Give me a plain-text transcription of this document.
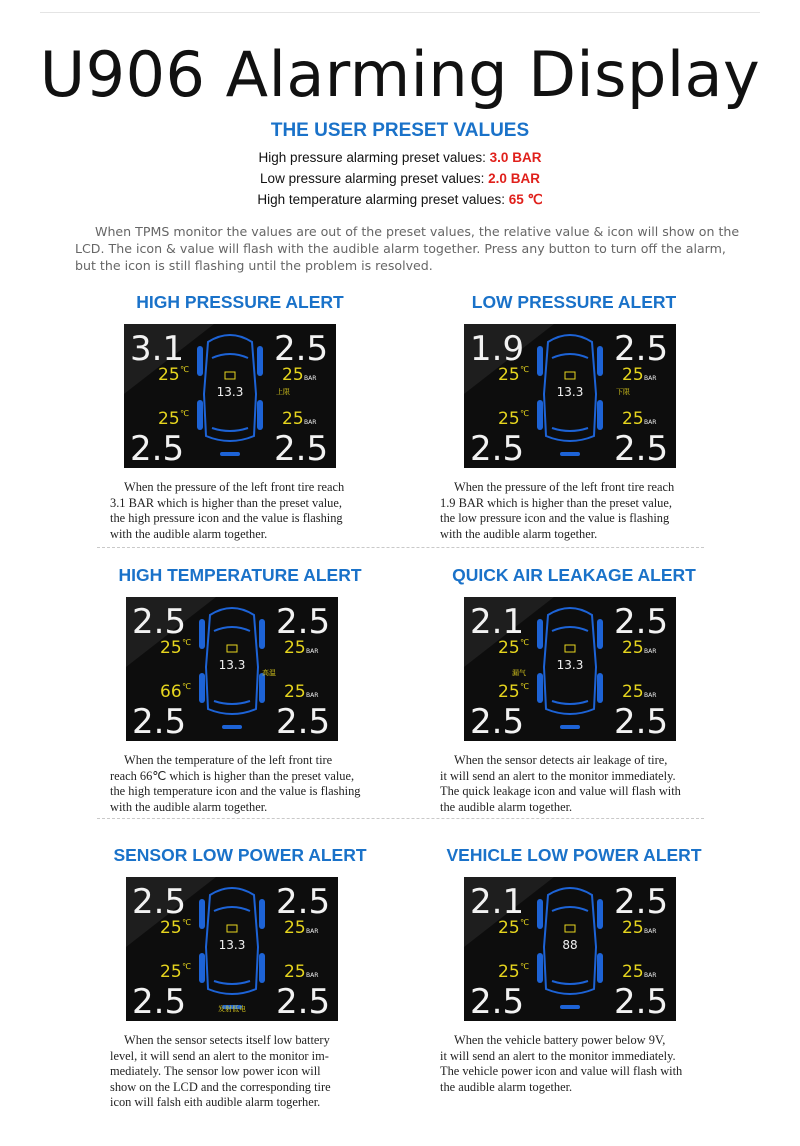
U906 Alarming Display
THE USER PRESET VALUES
High pressure alarming preset values: 3.0 BAR
Low pressure alarming preset values: 2.0 BAR
High temperature alarming preset values: 65 ℃

When TPMS monitor the values are out of the preset values, the relative value & icon will show on the LCD. The icon & value will flash with the audible alarm together. Press any button to turn off the alarm, but the icon is still flashing until the problem is resolved.

HIGH PRESSURE ALERT
3.1	2.5
2.5	2.5
25 ℃	25 BAR
25 ℃	25 BAR
13.3	上限
When the pressure of the left front tire reach
3.1 BAR which is higher than the preset value,
the high pressure icon and the value is flashing
with the audible alarm together.
LOW PRESSURE ALERT
1.9	2.5
2.5	2.5
25 ℃	25 BAR
25 ℃	25 BAR
13.3	下限
When the pressure of the left front tire reach
1.9 BAR which is higher than the preset value,
the low pressure icon and the value is flashing
with the audible alarm together.
HIGH TEMPERATURE ALERT
2.5	2.5
2.5	2.5
25 ℃	25 BAR
66 ℃	25 BAR
13.3
高温
When the temperature of the left front tire
reach 66℃ which is higher than the preset value,
the high temperature icon and the value is flashing
with the audible alarm together.
QUICK AIR LEAKAGE ALERT
2.1	2.5
2.5	2.5
25 ℃	25 BAR
25 ℃	25 BAR
13.3
漏气
When the sensor detects air leakage of tire,
it will send an alert to the monitor immediately.
The quick leakage icon and value will flash with
the audible alarm together.
SENSOR LOW POWER ALERT
2.5	2.5
2.5	2.5
25 ℃	25 BAR
25 ℃	25 BAR
13.3
发射低电
When the sensor setects itself low battery
level, it will send an alert to the monitor im-
mediately. The sensor low power icon will
show on the LCD and the corresponding tire
icon will falsh eith audible alarm togerher.
VEHICLE LOW POWER ALERT
2.1	2.5
2.5	2.5
25 ℃	25 BAR
25 ℃	25 BAR
88
When the vehicle battery power below 9V,
it will send an alert to the monitor immediately.
The vehicle power icon and value will flash with
the audible alarm together.
